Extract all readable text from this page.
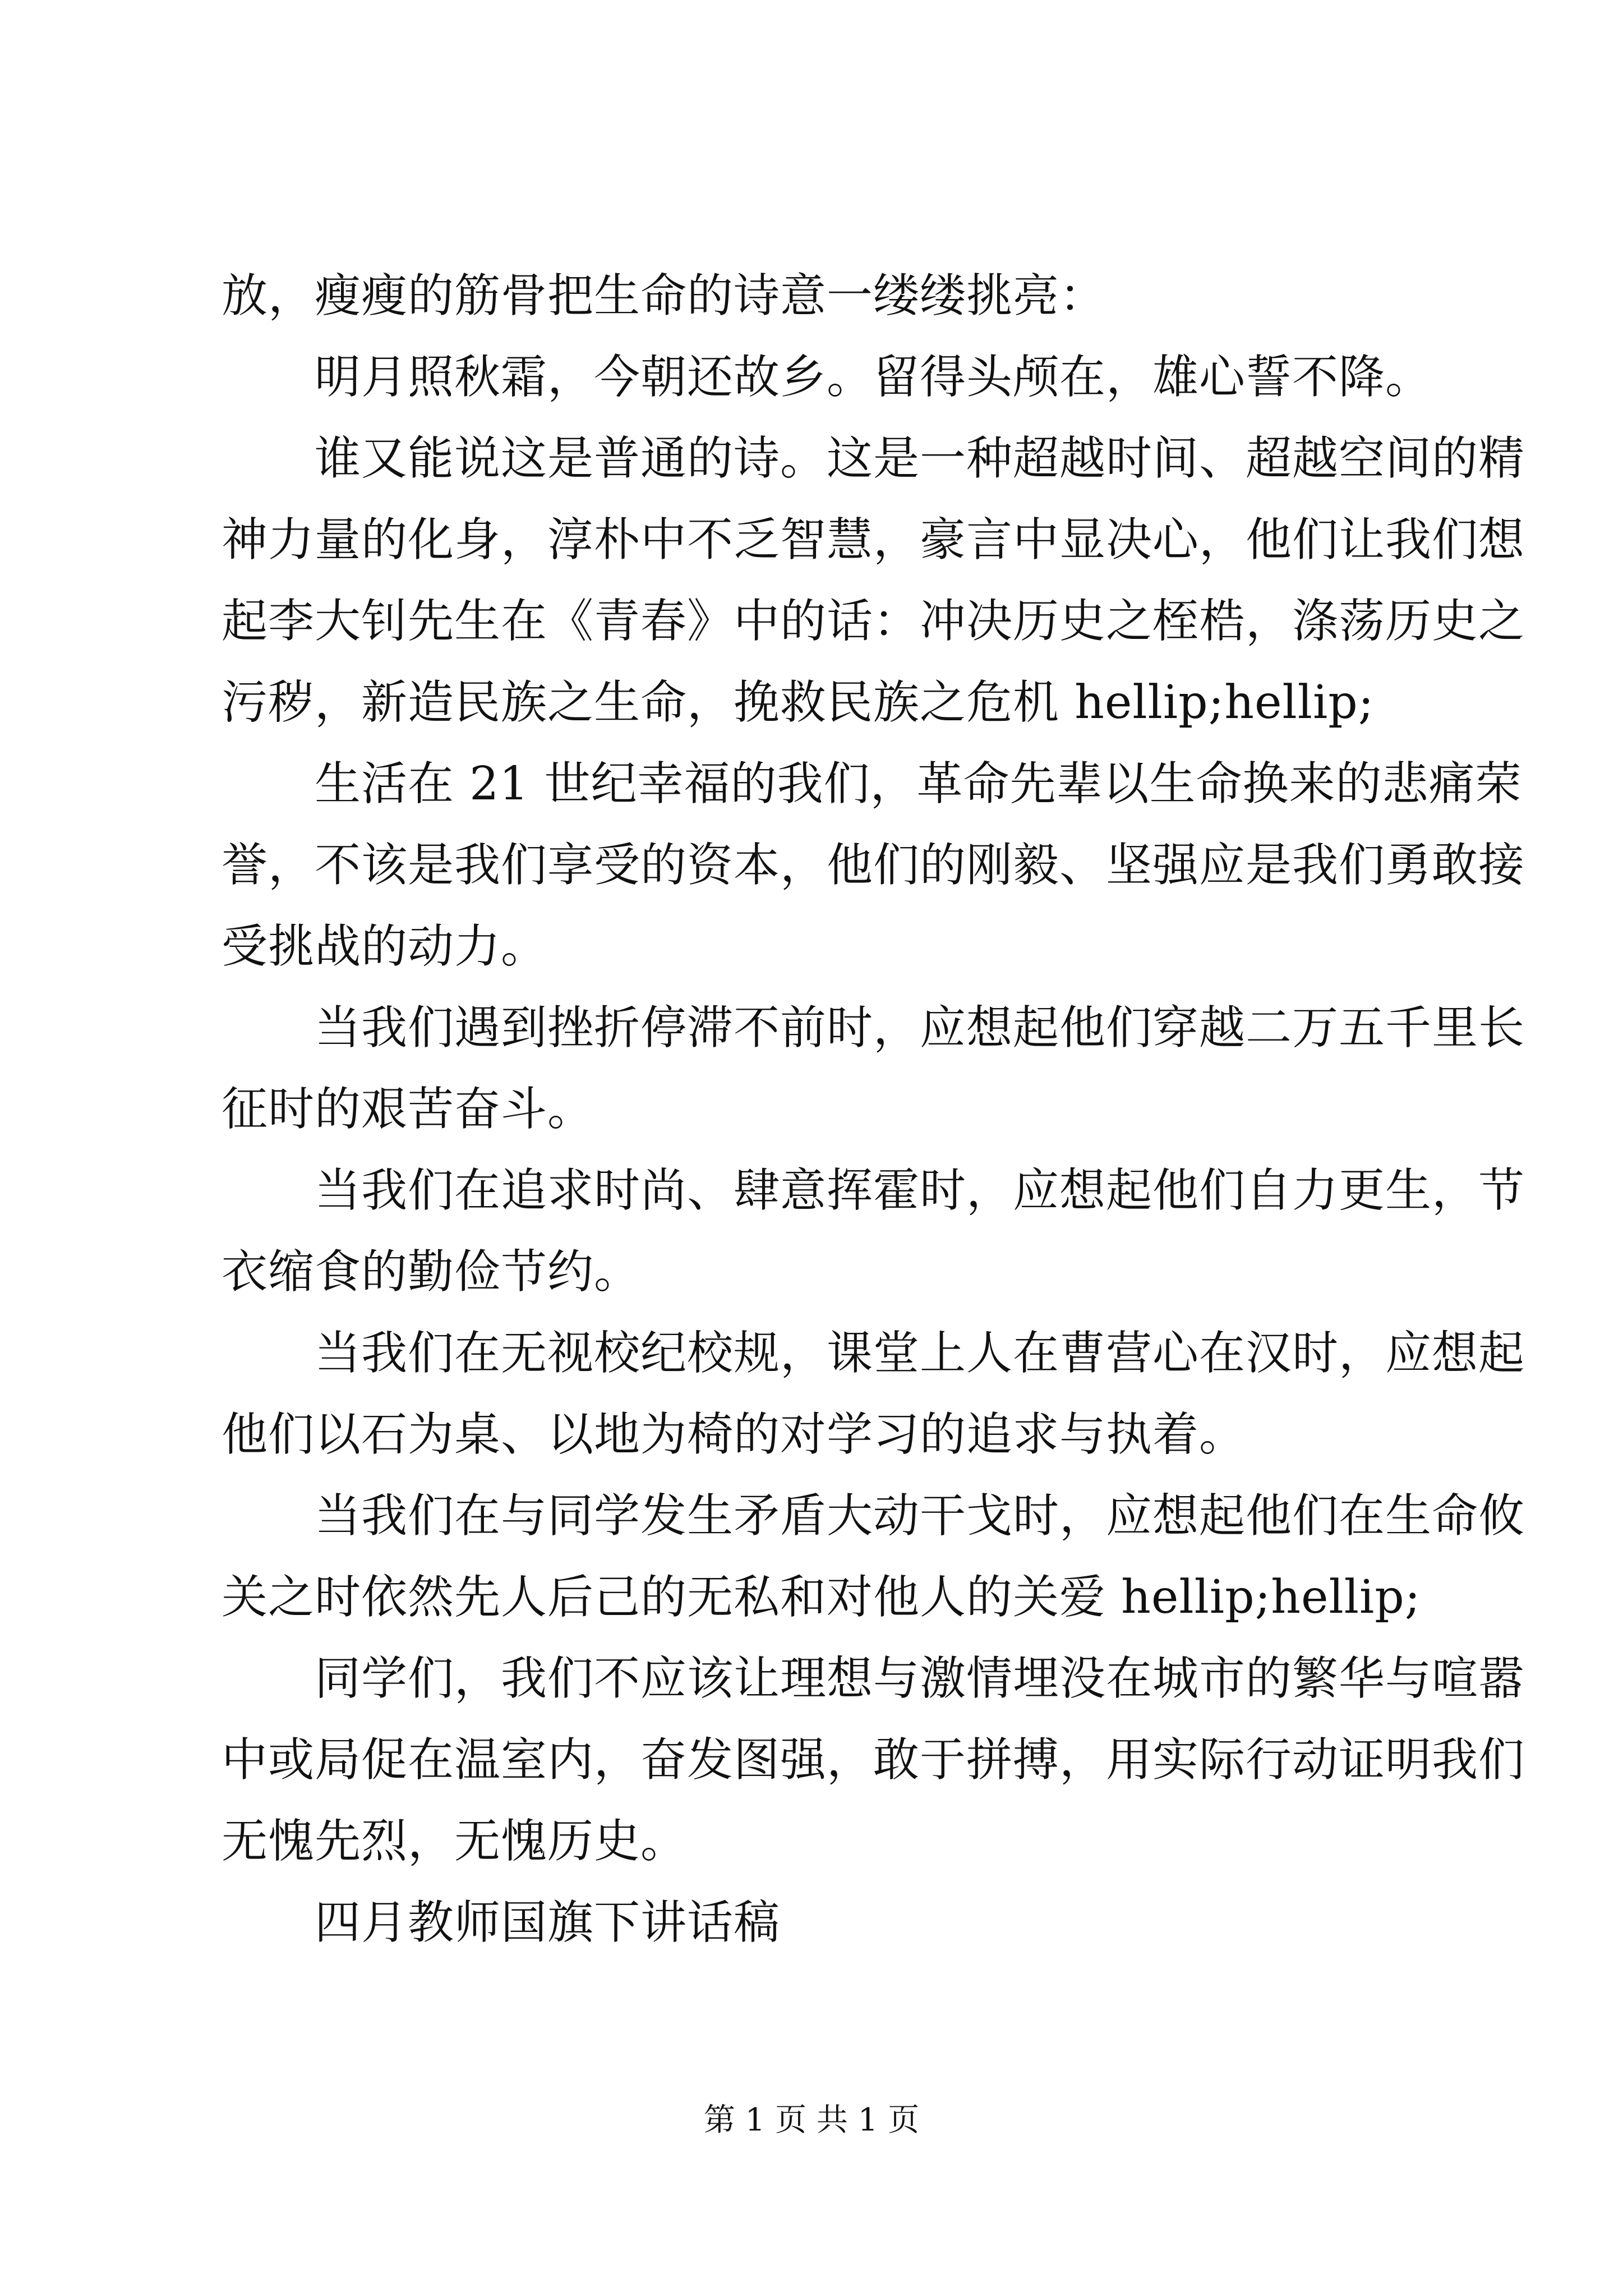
放，瘦瘦的筋骨把生命的诗意一缕缕挑亮：
　　明月照秋霜，今朝还故乡。留得头颅在，雄心誓不降。
　　谁又能说这是普通的诗。这是一种超越时间、超越空间的精
神力量的化身，淳朴中不乏智慧，豪言中显决心，他们让我们想
起李大钊先生在《青春》中的话：冲决历史之桎梏，涤荡历史之
污秽，新造民族之生命，挽救民族之危机 hellip;hellip;
　　生活在 21 世纪幸福的我们，革命先辈以生命换来的悲痛荣
誉，不该是我们享受的资本，他们的刚毅、坚强应是我们勇敢接
受挑战的动力。
　　当我们遇到挫折停滞不前时，应想起他们穿越二万五千里长
征时的艰苦奋斗。
　　当我们在追求时尚、肆意挥霍时，应想起他们自力更生，节
衣缩食的勤俭节约。
　　当我们在无视校纪校规，课堂上人在曹营心在汉时，应想起
他们以石为桌、以地为椅的对学习的追求与执着。
　　当我们在与同学发生矛盾大动干戈时，应想起他们在生命攸
关之时依然先人后己的无私和对他人的关爱 hellip;hellip;
　　同学们，我们不应该让理想与激情埋没在城市的繁华与喧嚣
中或局促在温室内，奋发图强，敢于拼搏，用实际行动证明我们
无愧先烈，无愧历史。
　　四月教师国旗下讲话稿
第 1 页 共 1 页
